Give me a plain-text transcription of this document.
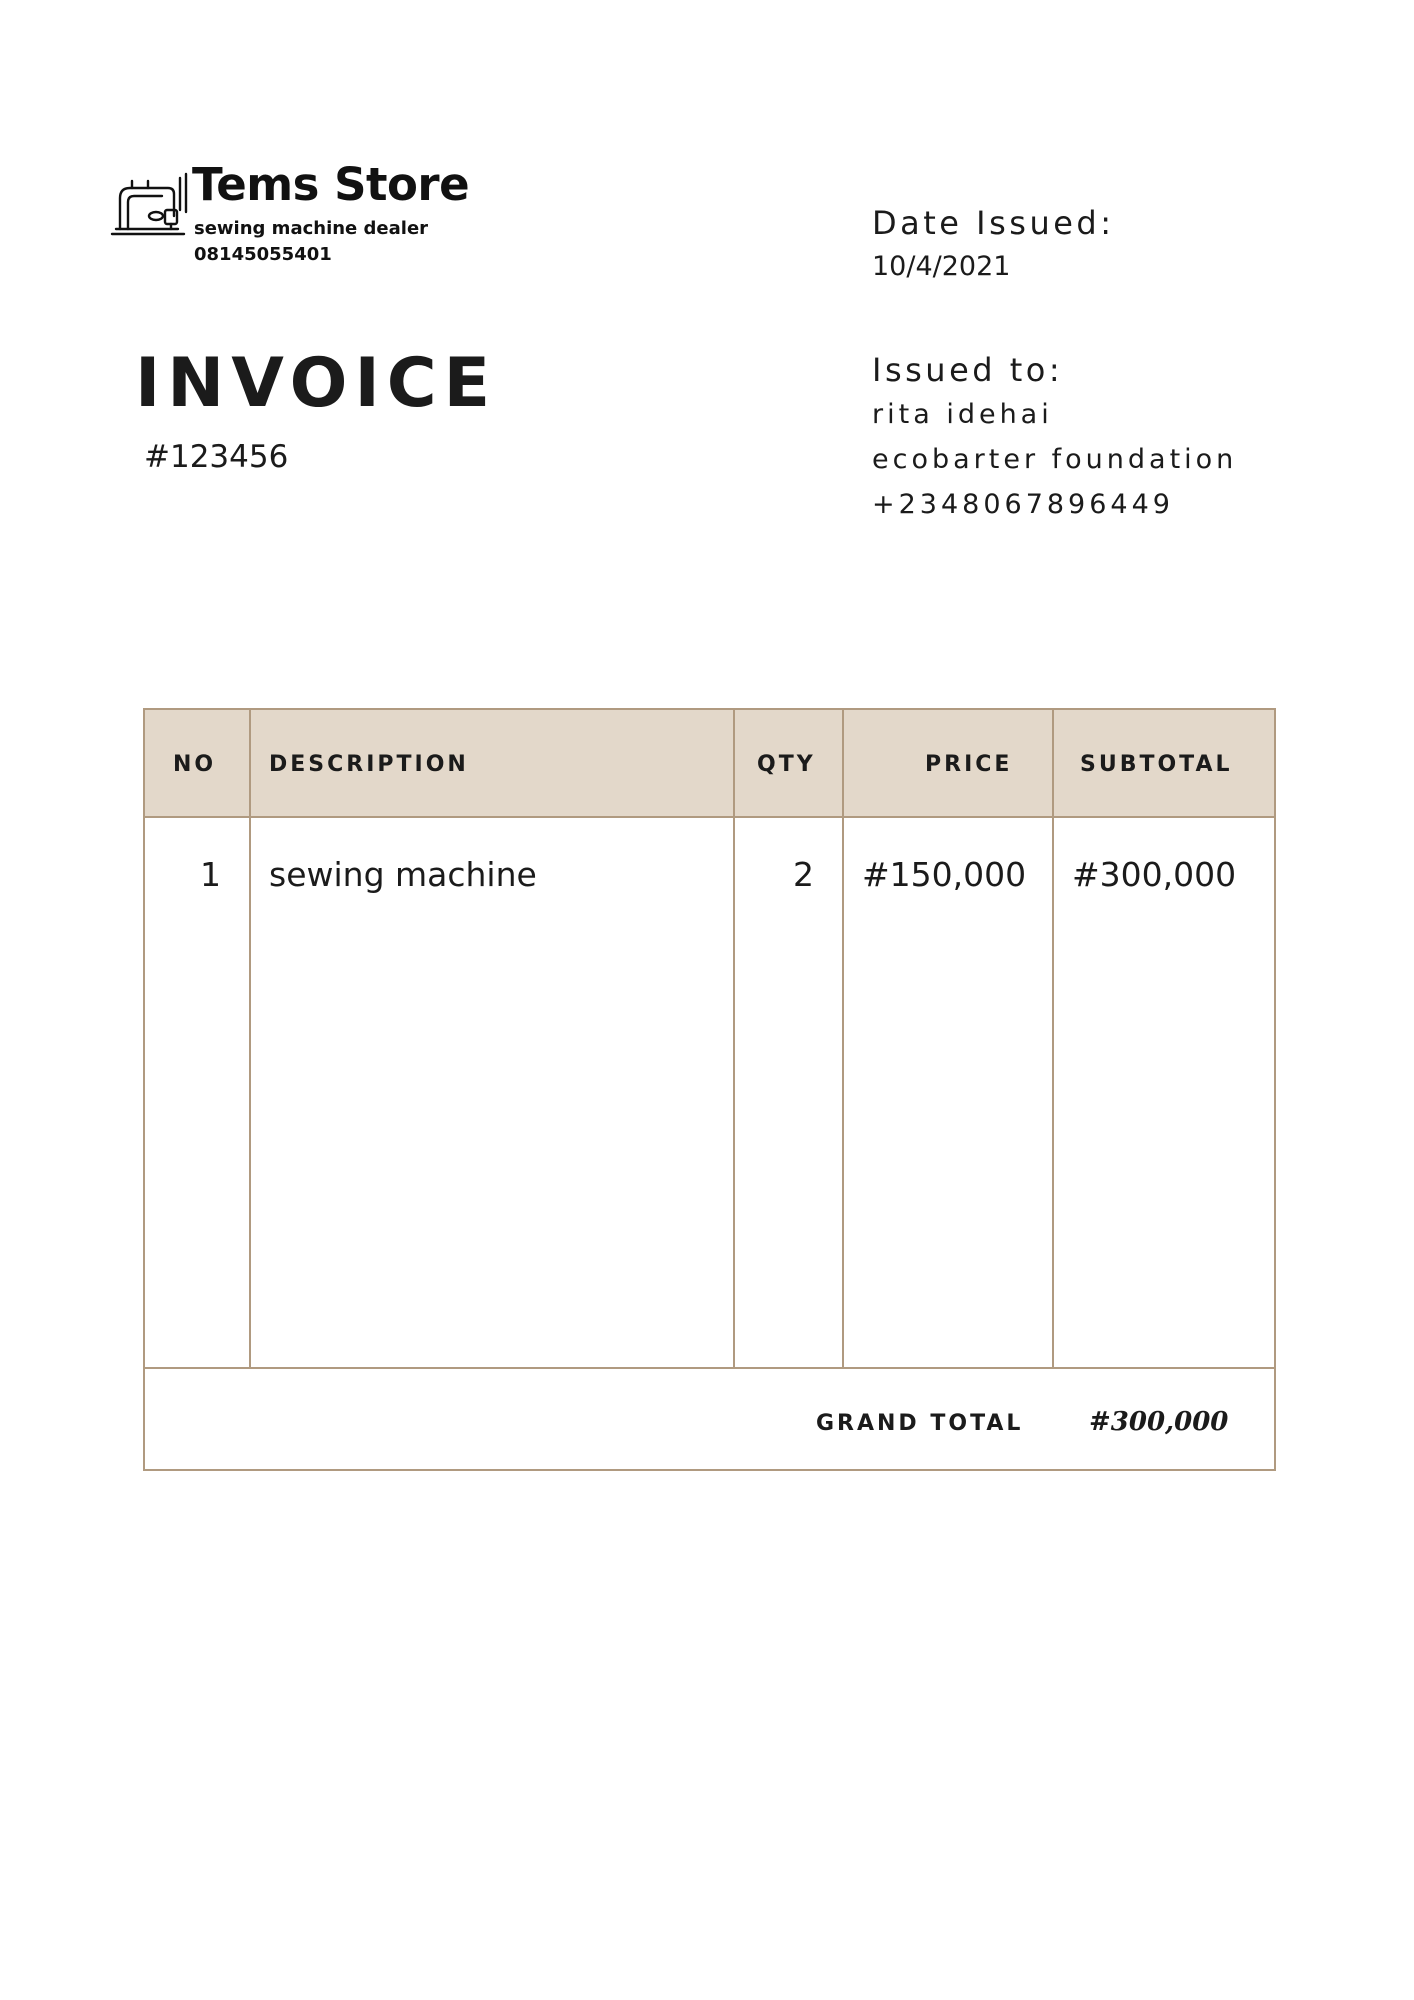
Tems Store
sewing machine dealer
08145055401
INVOICE
#123456
Date Issued:
10/4/2021
Issued to:
rita idehai
ecobarter foundation
+2348067896449
NO DESCRIPTION	QTY	PRICE	SUBTOTAL
1 sewing machine	2 #150,000 #300,000
GRAND TOTAL	#300,000
